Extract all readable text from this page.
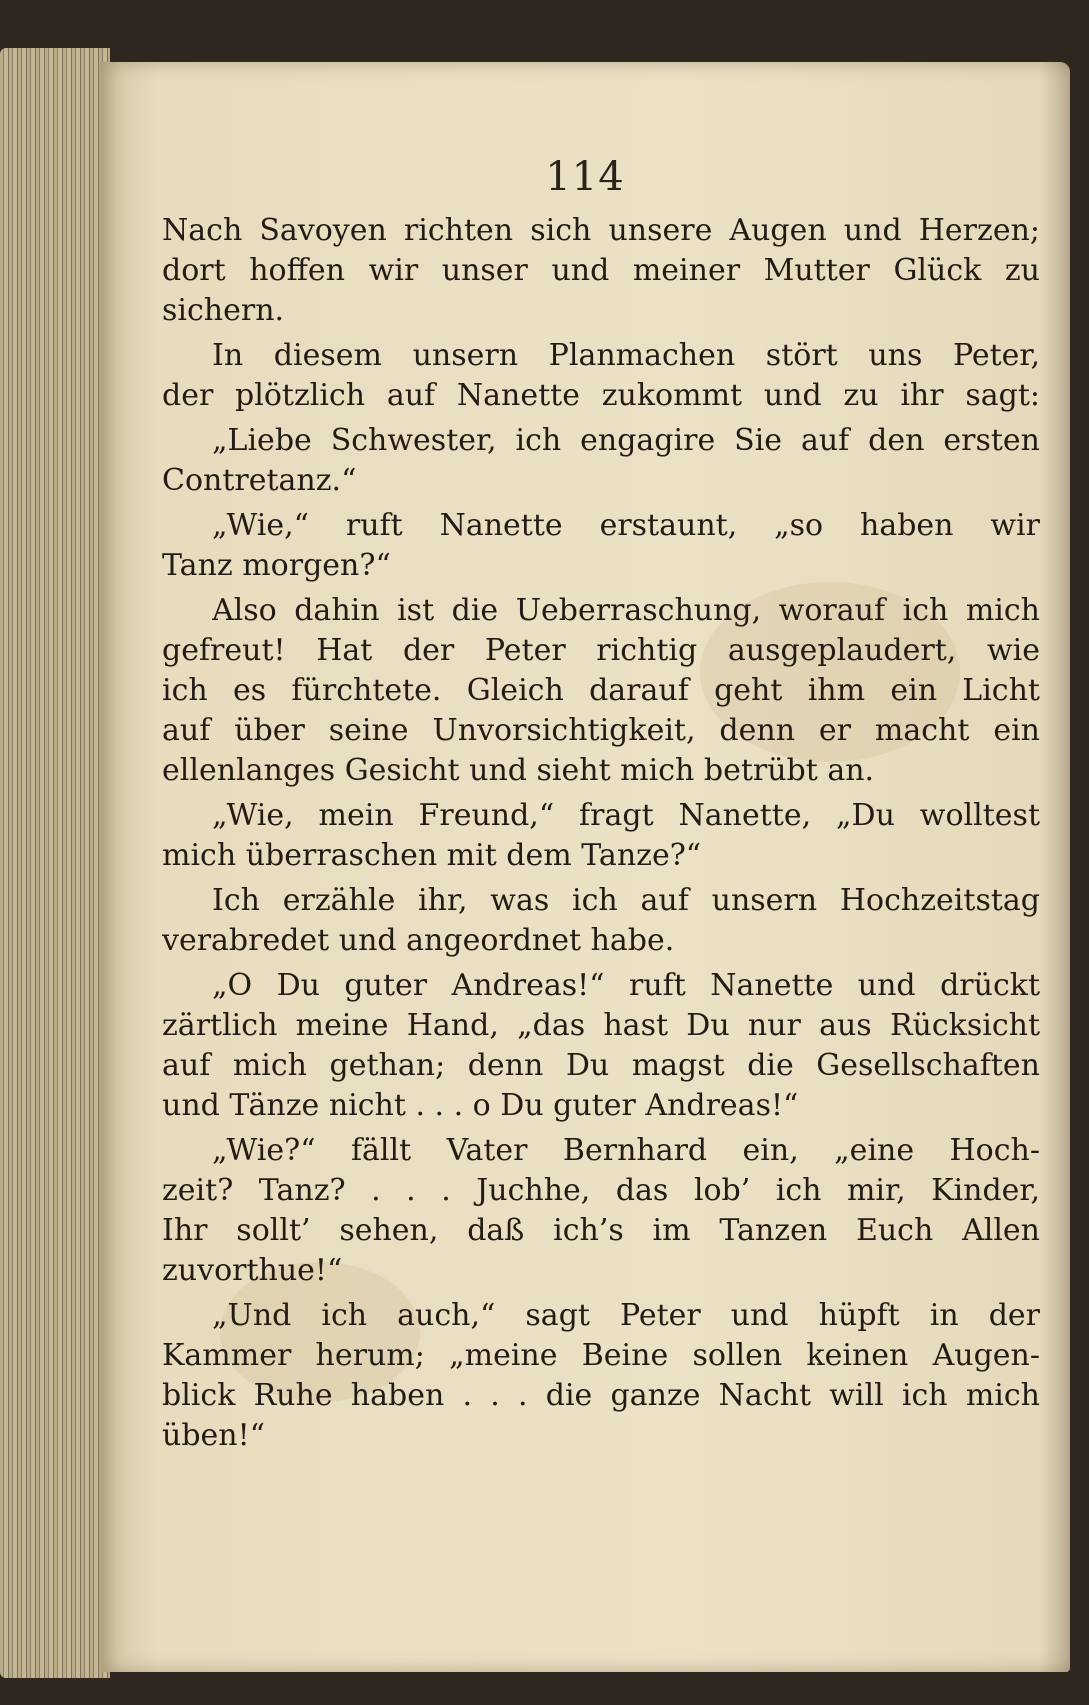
114
Nach Savoyen richten sich unsere Augen und Herzen;
dort hoffen wir unser und meiner Mutter Glück zu
sichern.
In diesem unsern Planmachen stört uns Peter,
der plötzlich auf Nanette zukommt und zu ihr sagt:
„Liebe Schwester, ich engagire Sie auf den ersten
Contretanz.“
„Wie,“ ruft Nanette erstaunt, „so haben wir
Tanz morgen?“
Also dahin ist die Ueberraschung, worauf ich mich
gefreut! Hat der Peter richtig ausgeplaudert, wie
ich es fürchtete. Gleich darauf geht ihm ein Licht
auf über seine Unvorsichtigkeit, denn er macht ein
ellenlanges Gesicht und sieht mich betrübt an.
„Wie, mein Freund,“ fragt Nanette, „Du wolltest
mich überraschen mit dem Tanze?“
Ich erzähle ihr, was ich auf unsern Hochzeitstag
verabredet und angeordnet habe.
„O Du guter Andreas!“ ruft Nanette und drückt
zärtlich meine Hand, „das hast Du nur aus Rücksicht
auf mich gethan; denn Du magst die Gesellschaften
und Tänze nicht . . . o Du guter Andreas!“
„Wie?“ fällt Vater Bernhard ein, „eine Hoch-
zeit? Tanz? . . . Juchhe, das lob’ ich mir, Kinder,
Ihr sollt’ sehen, daß ich’s im Tanzen Euch Allen
zuvorthue!“
„Und ich auch,“ sagt Peter und hüpft in der
Kammer herum; „meine Beine sollen keinen Augen-
blick Ruhe haben . . . die ganze Nacht will ich mich
üben!“
